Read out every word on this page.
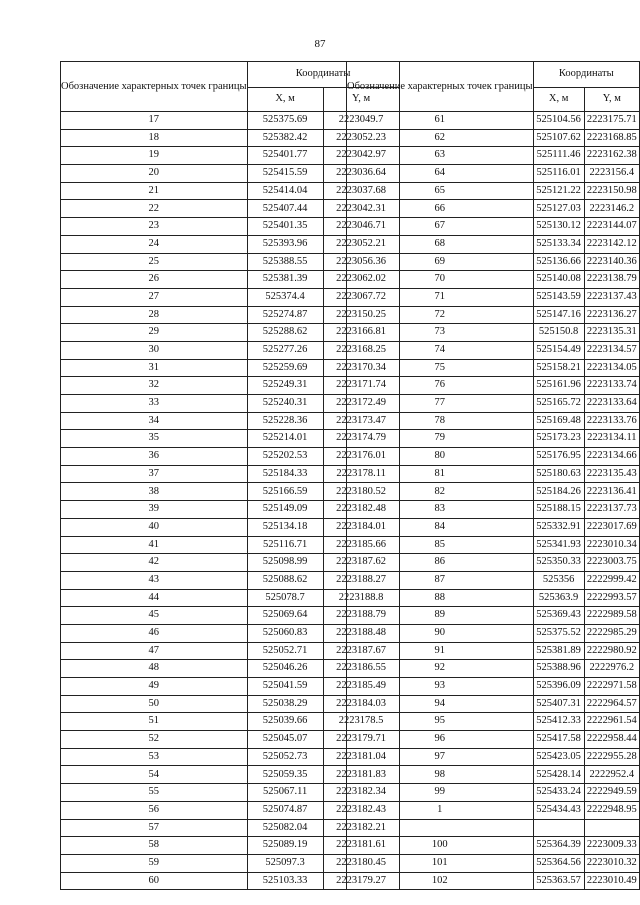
87
Обозначение характерных точек границы	Координаты	
	X, м	Y, м
17	525375.69	2223049.7
18	525382.42	2223052.23
19	525401.77	2223042.97
20	525415.59	2223036.64
21	525414.04	2223037.68
22	525407.44	2223042.31
23	525401.35	2223046.71
24	525393.96	2223052.21
25	525388.55	2223056.36
26	525381.39	2223062.02
27	525374.4	2223067.72
28	525274.87	2223150.25
29	525288.62	2223166.81
30	525277.26	2223168.25
31	525259.69	2223170.34
32	525249.31	2223171.74
33	525240.31	2223172.49
34	525228.36	2223173.47
35	525214.01	2223174.79
36	525202.53	2223176.01
37	525184.33	2223178.11
38	525166.59	2223180.52
39	525149.09	2223182.48
40	525134.18	2223184.01
41	525116.71	2223185.66
42	525098.99	2223187.62
43	525088.62	2223188.27
44	525078.7	2223188.8
45	525069.64	2223188.79
46	525060.83	2223188.48
47	525052.71	2223187.67
48	525046.26	2223186.55
49	525041.59	2223185.49
50	525038.29	2223184.03
51	525039.66	2223178.5
52	525045.07	2223179.71
53	525052.73	2223181.04
54	525059.35	2223181.83
55	525067.11	2223182.34
56	525074.87	2223182.43
57	525082.04	2223182.21
58	525089.19	2223181.61
59	525097.3	2223180.45
60	525103.33	2223179.27
Обозначение характерных точек границы	Координаты	
	X, м	Y, м
61	525104.56	2223175.71
62	525107.62	2223168.85
63	525111.46	2223162.38
64	525116.01	2223156.4
65	525121.22	2223150.98
66	525127.03	2223146.2
67	525130.12	2223144.07
68	525133.34	2223142.12
69	525136.66	2223140.36
70	525140.08	2223138.79
71	525143.59	2223137.43
72	525147.16	2223136.27
73	525150.8	2223135.31
74	525154.49	2223134.57
75	525158.21	2223134.05
76	525161.96	2223133.74
77	525165.72	2223133.64
78	525169.48	2223133.76
79	525173.23	2223134.11
80	525176.95	2223134.66
81	525180.63	2223135.43
82	525184.26	2223136.41
83	525188.15	2223137.73
84	525332.91	2223017.69
85	525341.93	2223010.34
86	525350.33	2223003.75
87	525356	2222999.42
88	525363.9	2222993.57
89	525369.43	2222989.58
90	525375.52	2222985.29
91	525381.89	2222980.92
92	525388.96	2222976.2
93	525396.09	2222971.58
94	525407.31	2222964.57
95	525412.33	2222961.54
96	525417.58	2222958.44
97	525423.05	2222955.28
98	525428.14	2222952.4
99	525433.24	2222949.59
1	525434.43	2222948.95

100	525364.39	2223009.33
101	525364.56	2223010.32
102	525363.57	2223010.49
